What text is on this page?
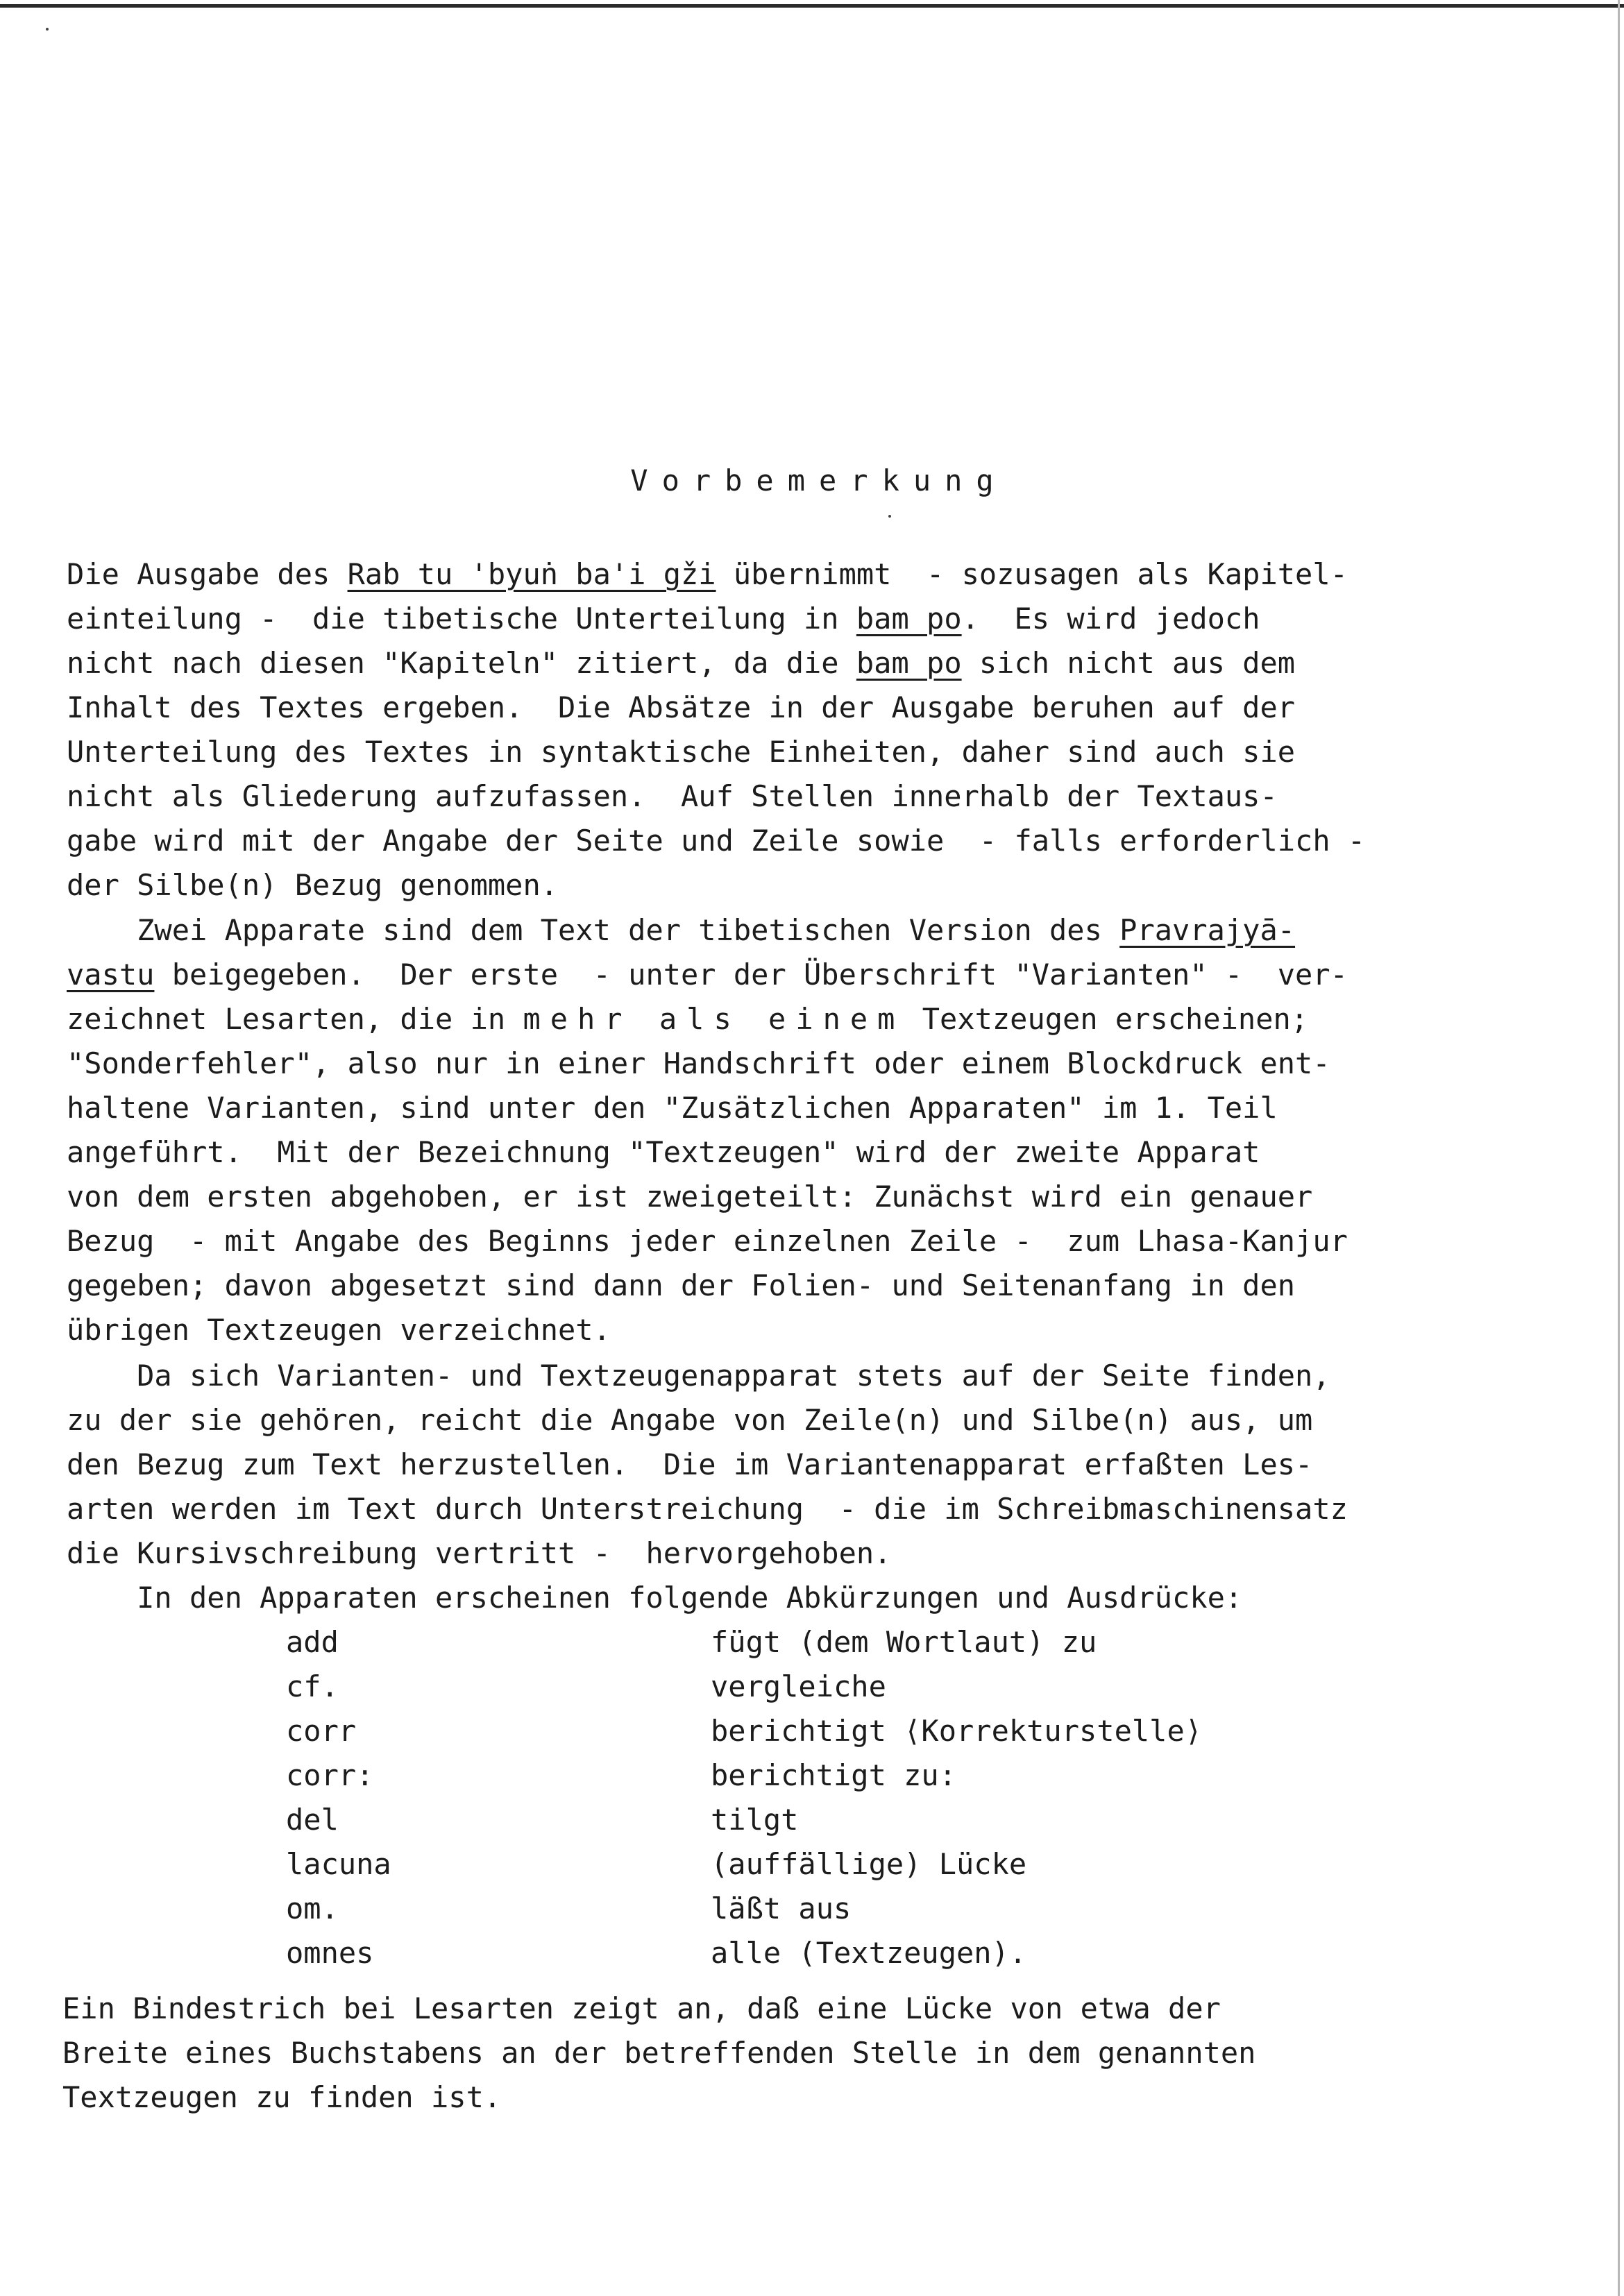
Vorbemerkung
Die Ausgabe des Rab tu 'byuṅ ba'i gži übernimmt  - sozusagen als Kapitel-
einteilung -  die tibetische Unterteilung in bam po.  Es wird jedoch
nicht nach diesen "Kapiteln" zitiert, da die bam po sich nicht aus dem
Inhalt des Textes ergeben.  Die Absätze in der Ausgabe beruhen auf der
Unterteilung des Textes in syntaktische Einheiten, daher sind auch sie
nicht als Gliederung aufzufassen.  Auf Stellen innerhalb der Textaus-
gabe wird mit der Angabe der Seite und Zeile sowie  - falls erforderlich -
der Silbe(n) Bezug genommen.
Zwei Apparate sind dem Text der tibetischen Version des Pravrajyā-
vastu beigegeben.  Der erste  - unter der Überschrift "Varianten" -  ver-
zeichnet Lesarten, die in mehr als einem Textzeugen erscheinen;
"Sonderfehler", also nur in einer Handschrift oder einem Blockdruck ent-
haltene Varianten, sind unter den "Zusätzlichen Apparaten" im 1. Teil
angeführt.  Mit der Bezeichnung "Textzeugen" wird der zweite Apparat
von dem ersten abgehoben, er ist zweigeteilt: Zunächst wird ein genauer
Bezug  - mit Angabe des Beginns jeder einzelnen Zeile -  zum Lhasa-Kanjur
gegeben; davon abgesetzt sind dann der Folien- und Seitenanfang in den
übrigen Textzeugen verzeichnet.
Da sich Varianten- und Textzeugenapparat stets auf der Seite finden,
zu der sie gehören, reicht die Angabe von Zeile(n) und Silbe(n) aus, um
den Bezug zum Text herzustellen.  Die im Variantenapparat erfaßten Les-
arten werden im Text durch Unterstreichung  - die im Schreibmaschinensatz
die Kursivschreibung vertritt -  hervorgehoben.
In den Apparaten erscheinen folgende Abkürzungen und Ausdrücke:
add	fügt (dem Wortlaut) zu
cf.	vergleiche
corr	berichtigt ⟨Korrekturstelle⟩
corr:	berichtigt zu:
del	tilgt
lacuna	(auffällige) Lücke
om.	läßt aus
omnes	alle (Textzeugen).
Ein Bindestrich bei Lesarten zeigt an, daß eine Lücke von etwa der
Breite eines Buchstabens an der betreffenden Stelle in dem genannten
Textzeugen zu finden ist.
